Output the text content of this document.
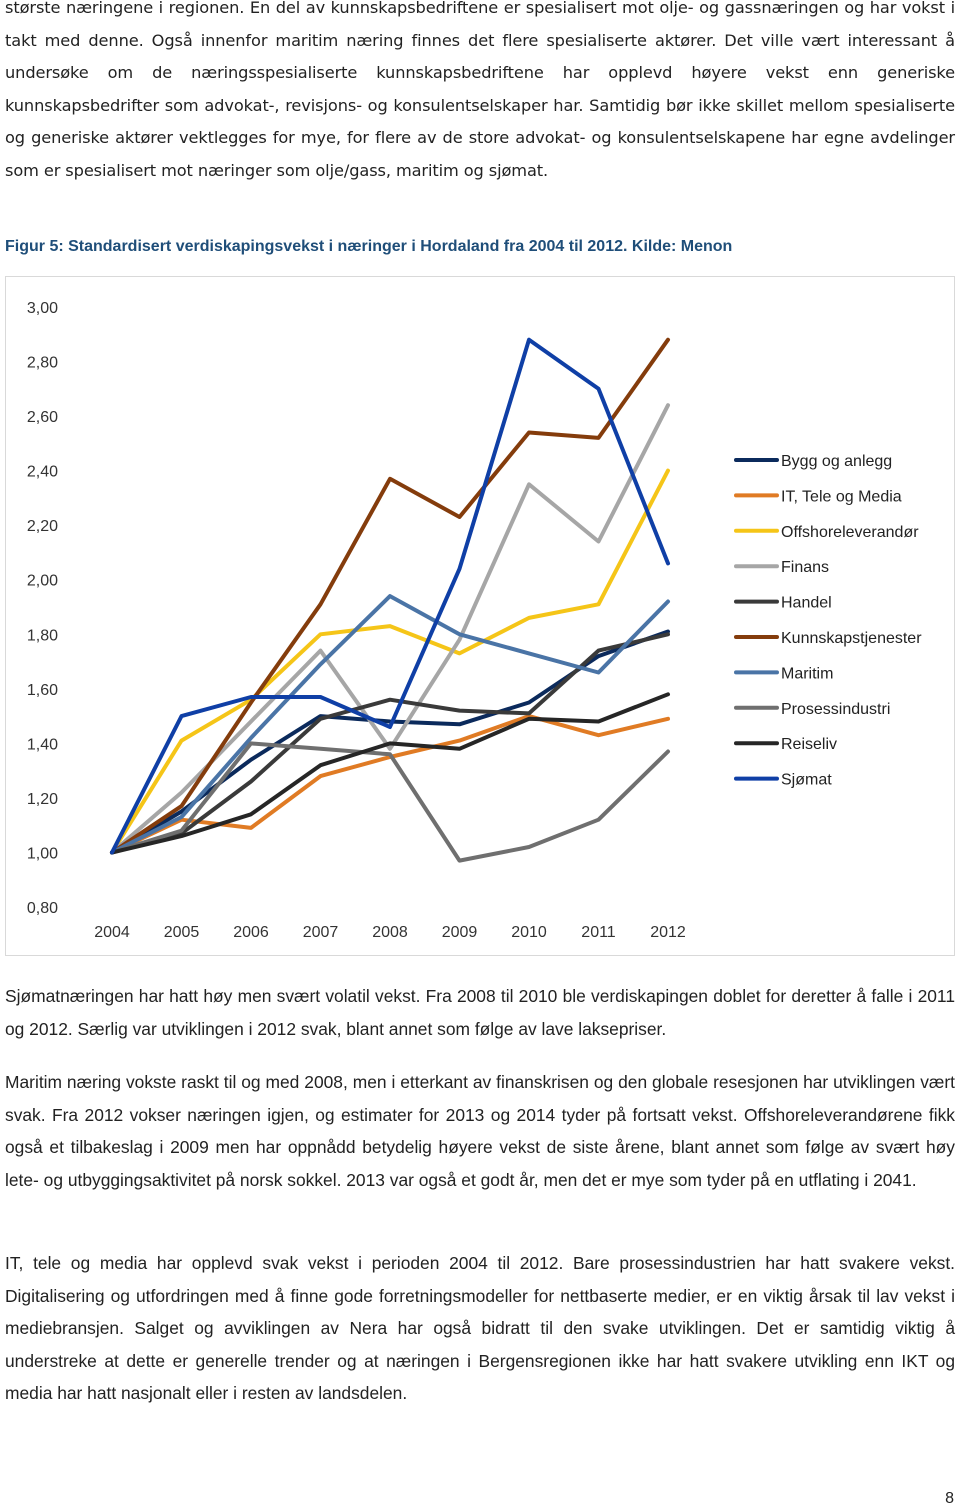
største næringene i regionen. En del av kunnskapsbedriftene er spesialisert mot olje- og gassnæringen og har vokst i takt med denne. Også innenfor maritim næring finnes det flere spesialiserte aktører. Det ville vært interessant å undersøke om de næringsspesialiserte kunnskapsbedriftene har opplevd høyere vekst enn generiske kunnskapsbedrifter som advokat-, revisjons- og konsulentselskaper har. Samtidig bør ikke skillet mellom spesialiserte og generiske aktører vektlegges for mye, for flere av de store advokat- og konsulentselskapene har egne avdelinger som er spesialisert mot næringer som olje/gass, maritim og sjømat.

Figur 5: Standardisert verdiskapingsvekst i næringer i Hordaland fra 2004 til 2012. Kilde: Menon

0,80
1,00
1,20
1,40
1,60
1,80
2,00
2,20
2,40
2,60
2,80
3,00
2004 2005 2006 2007 2008 2009 2010 2011 2012
Bygg og anlegg
IT, Tele og Media
Offshoreleverandør
Finans
Handel
Kunnskapstjenester
Maritim
Prosessindustri
Reiseliv
Sjømat

Sjømatnæringen har hatt høy men svært volatil vekst. Fra 2008 til 2010 ble verdiskapingen doblet for deretter å falle i 2011 og 2012. Særlig var utviklingen i 2012 svak, blant annet som følge av lave laksepriser.

Maritim næring vokste raskt til og med 2008, men i etterkant av finanskrisen og den globale resesjonen har utviklingen vært svak. Fra 2012 vokser næringen igjen, og estimater for 2013 og 2014 tyder på fortsatt vekst. Offshoreleverandørene fikk også et tilbakeslag i 2009 men har oppnådd betydelig høyere vekst de siste årene, blant annet som følge av svært høy lete- og utbyggingsaktivitet på norsk sokkel. 2013 var også et godt år, men det er mye som tyder på en utflating i 2041.

IT, tele og media har opplevd svak vekst i perioden 2004 til 2012. Bare prosessindustrien har hatt svakere vekst. Digitalisering og utfordringen med å finne gode forretningsmodeller for nettbaserte medier, er en viktig årsak til lav vekst i mediebransjen. Salget og avviklingen av Nera har også bidratt til den svake utviklingen. Det er samtidig viktig å understreke at dette er generelle trender og at næringen i Bergensregionen ikke har hatt svakere utvikling enn IKT og media har hatt nasjonalt eller i resten av landsdelen.

8
